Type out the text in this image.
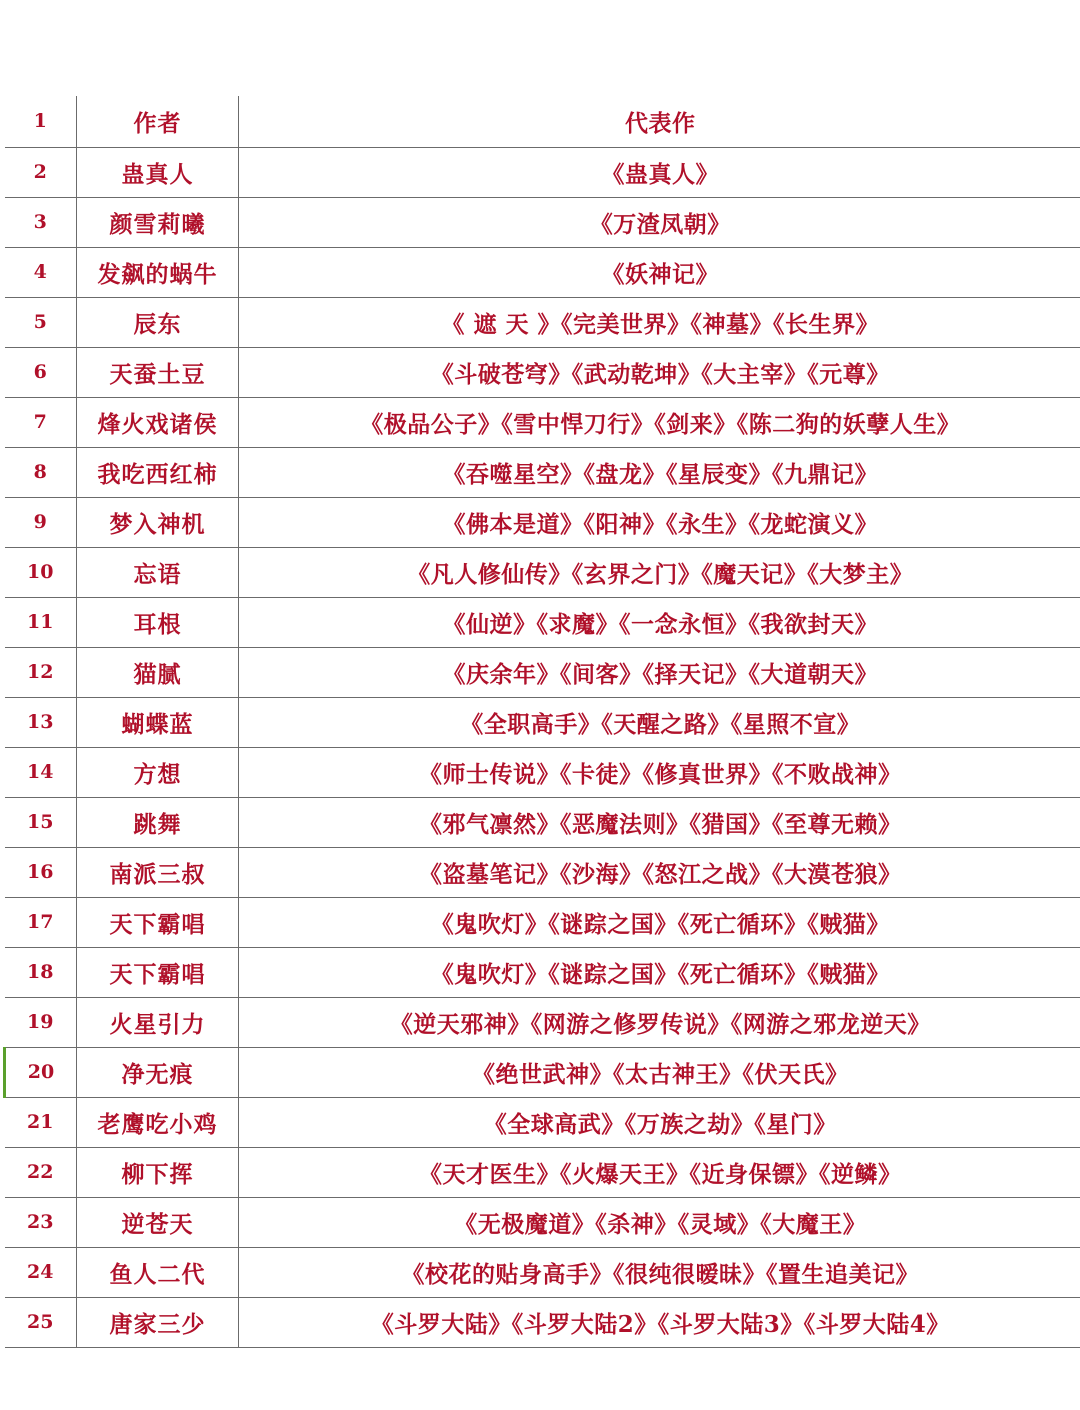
1	作者	代表作
2	蛊真人	《蛊真人》
3	颜雪莉曦	《万渣凤朝》
4	发飙的蜗牛	《妖神记》
5	辰东	《 遮 天 》《完美世界》《神墓》《长生界》
6	天蚕土豆	《斗破苍穹》《武动乾坤》《大主宰》《元尊》
7	烽火戏诸侯	《极品公子》《雪中悍刀行》《剑来》《陈二狗的妖孽人生》
8	我吃西红柿	《吞噬星空》《盘龙》《星辰变》《九鼎记》
9	梦入神机	《佛本是道》《阳神》《永生》《龙蛇演义》
10	忘语	《凡人修仙传》《玄界之门》《魔天记》《大梦主》
11	耳根	《仙逆》《求魔》《一念永恒》《我欲封天》
12	猫腻	《庆余年》《间客》《择天记》《大道朝天》
13	蝴蝶蓝	《全职高手》《天醒之路》《星照不宣》
14	方想	《师士传说》《卡徒》《修真世界》《不败战神》
15	跳舞	《邪气凛然》《恶魔法则》《猎国》《至尊无赖》
16	南派三叔	《盗墓笔记》《沙海》《怒江之战》《大漠苍狼》
17	天下霸唱	《鬼吹灯》《谜踪之国》《死亡循环》《贼猫》
18	天下霸唱	《鬼吹灯》《谜踪之国》《死亡循环》《贼猫》
19	火星引力	《逆天邪神》《网游之修罗传说》《网游之邪龙逆天》
20	净无痕	《绝世武神》《太古神王》《伏天氏》
21	老鹰吃小鸡	《全球高武》《万族之劫》《星门》
22	柳下挥	《天才医生》《火爆天王》《近身保镖》《逆鳞》
23	逆苍天	《无极魔道》《杀神》《灵域》《大魔王》
24	鱼人二代	《校花的贴身高手》《很纯很暧昧》《置生追美记》
25	唐家三少	《斗罗大陆》《斗罗大陆2》《斗罗大陆3》《斗罗大陆4》
